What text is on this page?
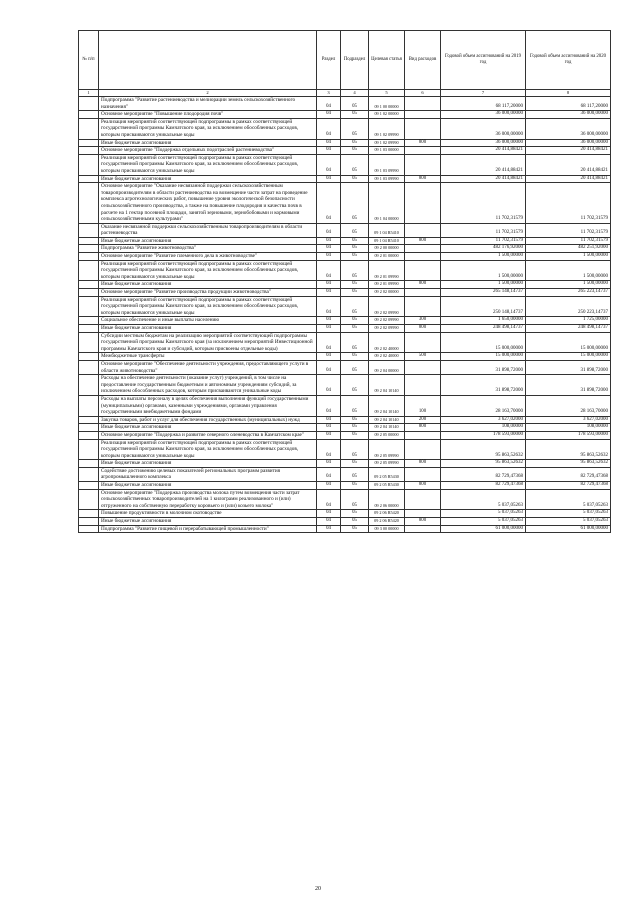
№ п/п		Раздел	Подраздел	Целевая статья	Вид расходов	Годовой объем ассигнований на 2019 год	Годовой объем ассигнований на 2020 год
1	2	3	4	5	6	7	8
	Подпрограмма "Развитие растениеводства и мелиорации земель сельскохозяйственного назначения"	04	05	09 1 00 00000		68 117,20000	68 117,20000
	Основное мероприятие "Повышение плодородия почв"	04	05	09 1 02 00000		36 000,00000	36 000,00000
	Реализация мероприятий соответствующей подпрограммы в рамках соответствующей государственной программы Камчатского края, за исключением обособленных расходов, которым присваиваются уникальные коды	04	05	09 1 02 09990		36 000,00000	36 000,00000
	Иные бюджетные ассигнования	04	05	09 1 02 09990	800	36 000,00000	36 000,00000
	Основное мероприятие "Поддержка отдельных подотраслей растениеводства"	04	05	09 1 03 00000		20 414,88421	20 414,88421
	Реализация мероприятий соответствующей подпрограммы в рамках соответствующей государственной программы Камчатского края, за исключением обособленных расходов, которым присваиваются уникальные коды	04	05	09 1 03 09990		20 414,88421	20 414,88421
	Иные бюджетные ассигнования	04	05	09 1 03 09990	800	20 414,88421	20 414,88421
	Основное мероприятие "Оказание несвязанной поддержки сельскохозяйственным товаропроизводителям в области растениеводства на возмещение части затрат на проведение комплекса агротехнологических работ, повышение уровня экологической безопасности сельскохозяйственного производства, а также на повышение плодородия и качества почв в расчете на 1 гектар посевной площади, занятой зерновыми, зернобобовыми и кормовыми сельскохозяйственными культурами"	04	05	09 1 04 00000		11 702,31579	11 702,31579
	Оказание несвязанной поддержки сельскохозяйственным товаропроизводителям в области растениеводства	04	05	09 1 04 R5410		11 702,31579	11 702,31579
	Иные бюджетные ассигнования	04	05	09 1 04 R5410	800	11 702,31579	11 702,31579
	Подпрограмма "Развитие животноводства"	04	05	09 2 00 00000		482 176,92000	482 251,92000
	Основное мероприятие "Развитие племенного дела в животноводстве"	04	05	09 2 01 00000		1 500,00000	1 500,00000
	Реализация мероприятий соответствующей подпрограммы в рамках соответствующей государственной программы Камчатского края, за исключением обособленных расходов, которым присваиваются уникальные коды	04	05	09 2 01 09990		1 500,00000	1 500,00000
	Иные бюджетные ассигнования	04	05	09 2 01 09990	800	1 500,00000	1 500,00000
	Основное мероприятие "Развитие производства продукции животноводства"	04	05	09 2 02 00000		265 148,14737	265 223,14737
	Реализация мероприятий соответствующей подпрограммы в рамках соответствующей государственной программы Камчатского края, за исключением обособленных расходов, которым присваиваются уникальные коды	04	05	09 2 02 09990		250 148,14737	250 223,14737
	Социальное обеспечение и иные выплаты населению	04	05	09 2 02 09990	300	1 650,00000	1 725,00000
	Иные бюджетные ассигнования	04	05	09 2 02 09990	800	248 498,14737	248 498,14737
	Субсидии местным бюджетам на реализацию мероприятий соответствующей подпрограммы государственной программы Камчатского края (за исключением мероприятий Инвестиционной программы Камчатского края и субсидий, которым присвоены отдельные коды)	04	05	09 2 02 40000		15 000,00000	15 000,00000
	Межбюджетные трансферты	04	05	09 2 02 40000	500	15 000,00000	15 000,00000
	Основное мероприятие "Обеспечение деятельности учреждения, предоставляющего услуги в области животноводства"	04	05	09 2 04 00000		31 898,72000	31 898,72000
	Расходы на обеспечение деятельности (оказание услуг) учреждений, в том числе на предоставление государственным бюджетным и автономным учреждениям субсидий, за исключением обособленных расходов, которым присваиваются уникальные коды	04	05	09 2 04 10140		31 898,72000	31 898,72000
	Расходы на выплаты персоналу в целях обеспечения выполнения функций государственными (муниципальными) органами, казенными учреждениями, органами управления государственными внебюджетными фондами	04	05	09 2 04 10140	100	28 163,70000	28 163,70000
	Закупка товаров, работ и услуг для обеспечения государственных (муниципальных) нужд	04	05	09 2 04 10140	200	3 627,02000	3 627,02000
	Иные бюджетные ассигнования	04	05	09 2 04 10140	800	108,00000	108,00000
	Основное мероприятие "Поддержка и развитие северного оленеводства в Камчатском крае"	04	05	09 2 05 00000		178 593,00000	178 593,00000
	Реализация мероприятий соответствующей подпрограммы в рамках соответствующей государственной программы Камчатского края, за исключением обособленных расходов, которым присваиваются уникальные коды	04	05	09 2 05 09990		95 863,52632	95 863,52632
	Иные бюджетные ассигнования	04	05	09 2 05 09990	800	95 863,52632	95 863,52632
	Содействие достижению целевых показателей региональных программ развития агропромышленного комплекса	04	05	09 2 05 R5430		82 729,47368	82 729,47368
	Иные бюджетные ассигнования	04	05	09 2 05 R5430	800	82 729,47368	82 729,47368
	Основное мероприятие "Поддержка производства молока путем возмещения части затрат сельскохозяйственных товаропроизводителей на 1 килограмм реализованного и (или) отгруженного на собственную переработку коровьего и (или) козьего молока"	04	05	09 2 06 00000		5 037,05263	5 037,05263
	Повышение продуктивности в молочном скотоводстве	04	05	09 2 06 R5420		5 037,05263	5 037,05263
	Иные бюджетные ассигнования	04	05	09 2 06 R5420	800	5 037,05263	5 037,05263
	Подпрограмма "Развитие пищевой и перерабатывающей промышленности"	04	05	09 3 00 00000		61 000,00000	61 000,00000
20
